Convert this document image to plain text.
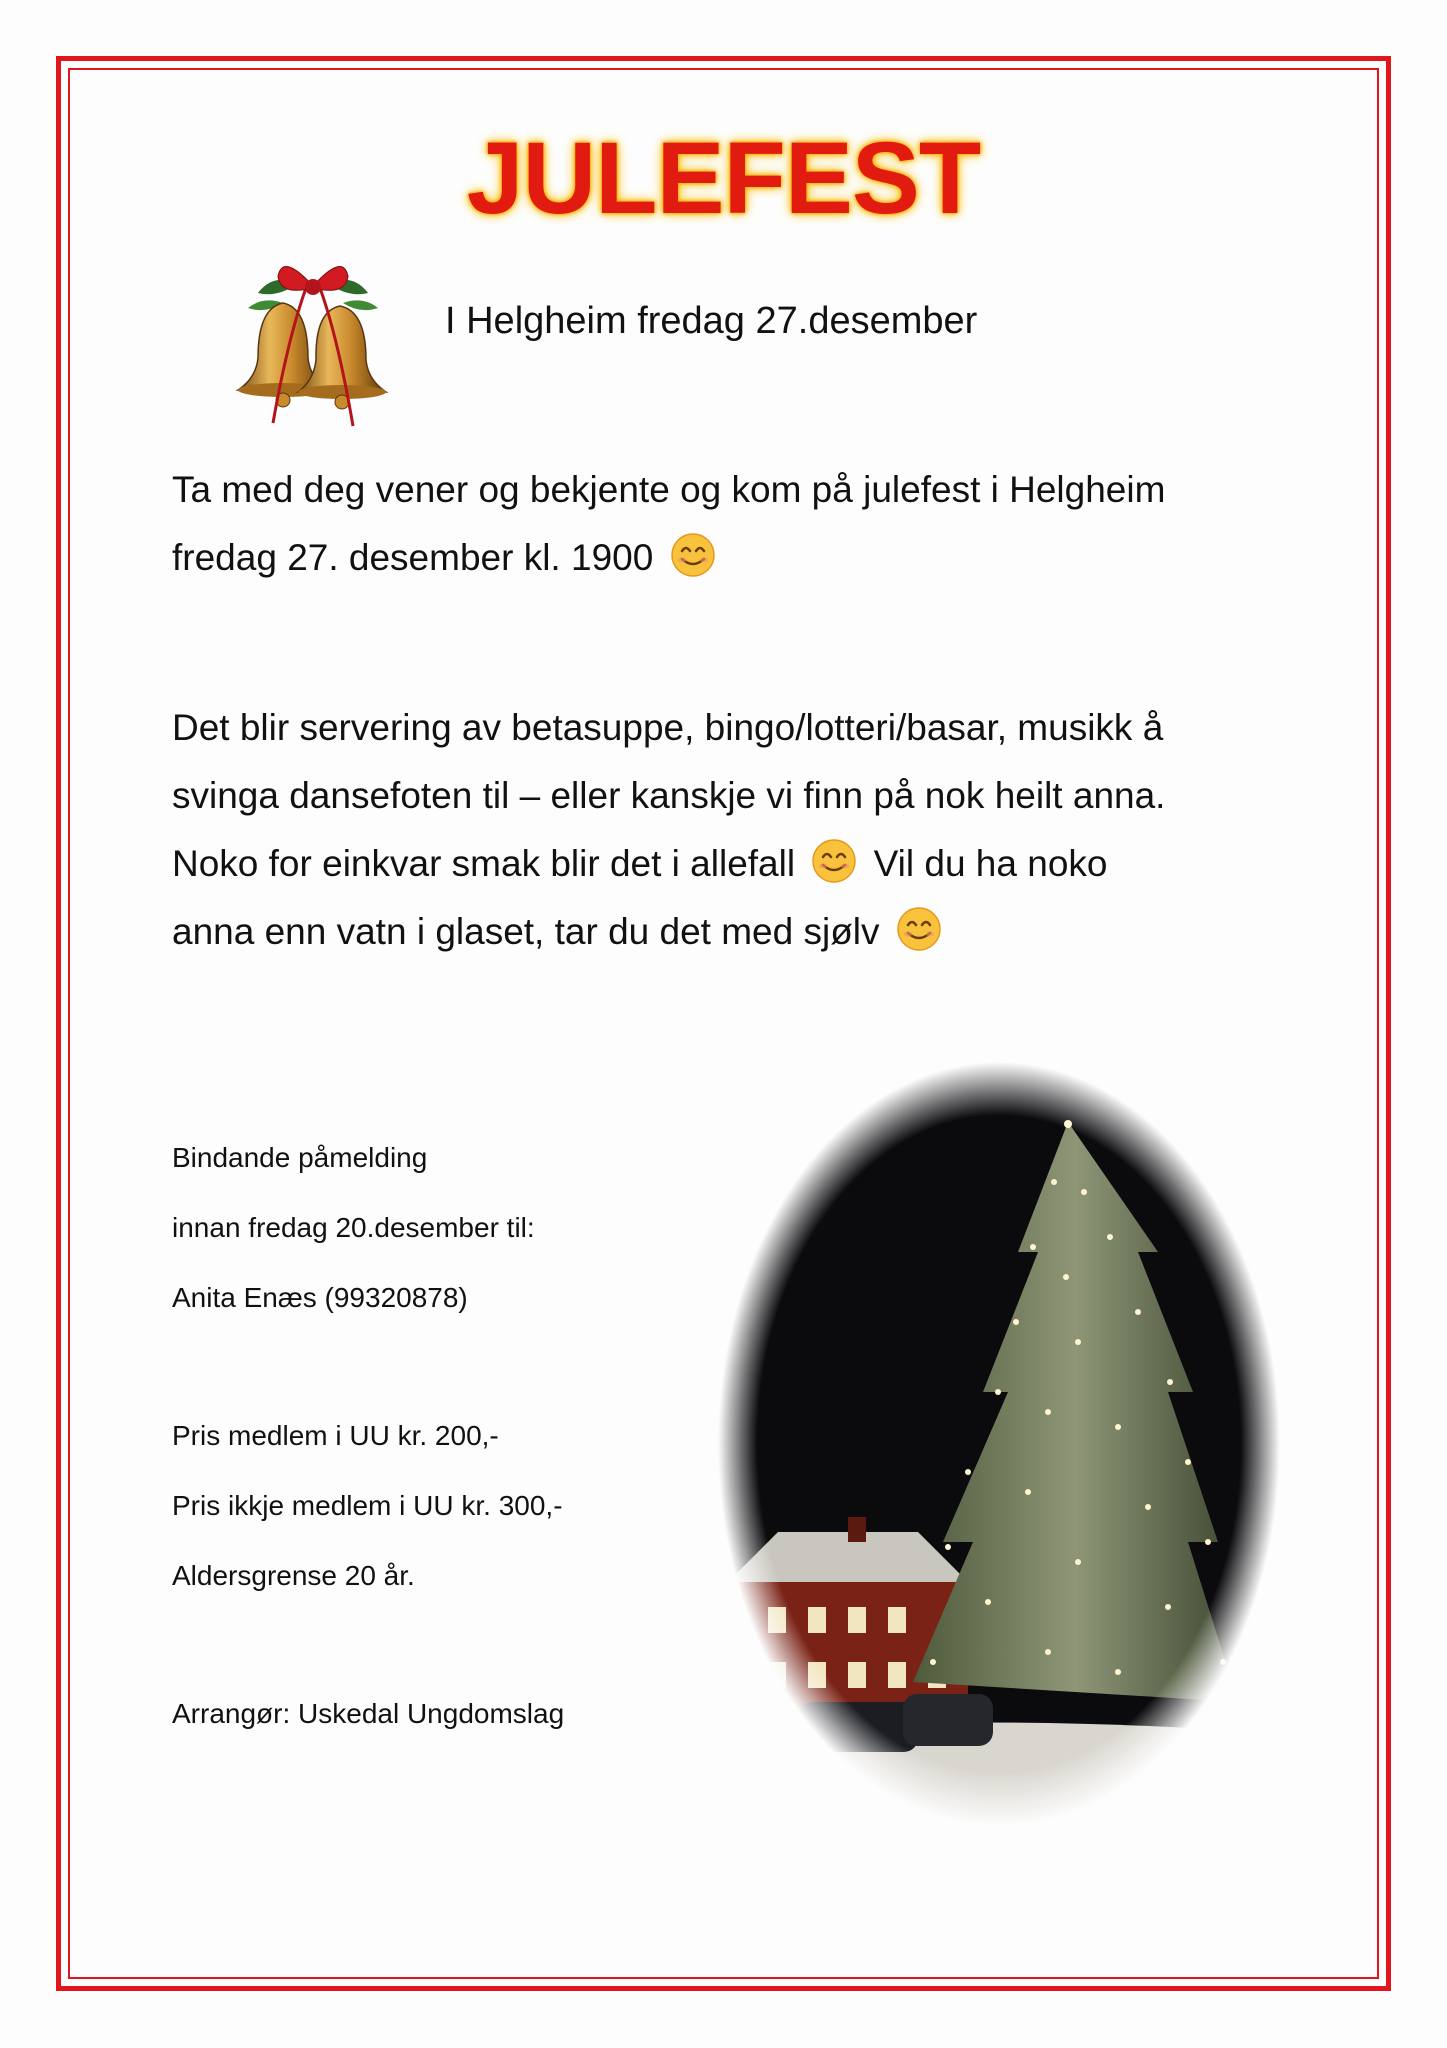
JULEFEST
I Helgheim fredag 27.desember
Ta med deg vener og bekjente og kom på julefest i Helgheim
fredag 27. desember kl. 1900
Det blir servering av betasuppe, bingo/lotteri/basar, musikk å
svinga dansefoten til – eller kanskje vi finn på nok heilt anna.
Noko for einkvar smak blir det i allefall Vil du ha noko
anna enn vatn i glaset, tar du det med sjølv
Bindande påmelding
innan fredag 20.desember til:
Anita Enæs (99320878)
Pris medlem i UU kr. 200,-
Pris ikkje medlem i UU kr. 300,-
Aldersgrense 20 år.
Arrangør: Uskedal Ungdomslag
